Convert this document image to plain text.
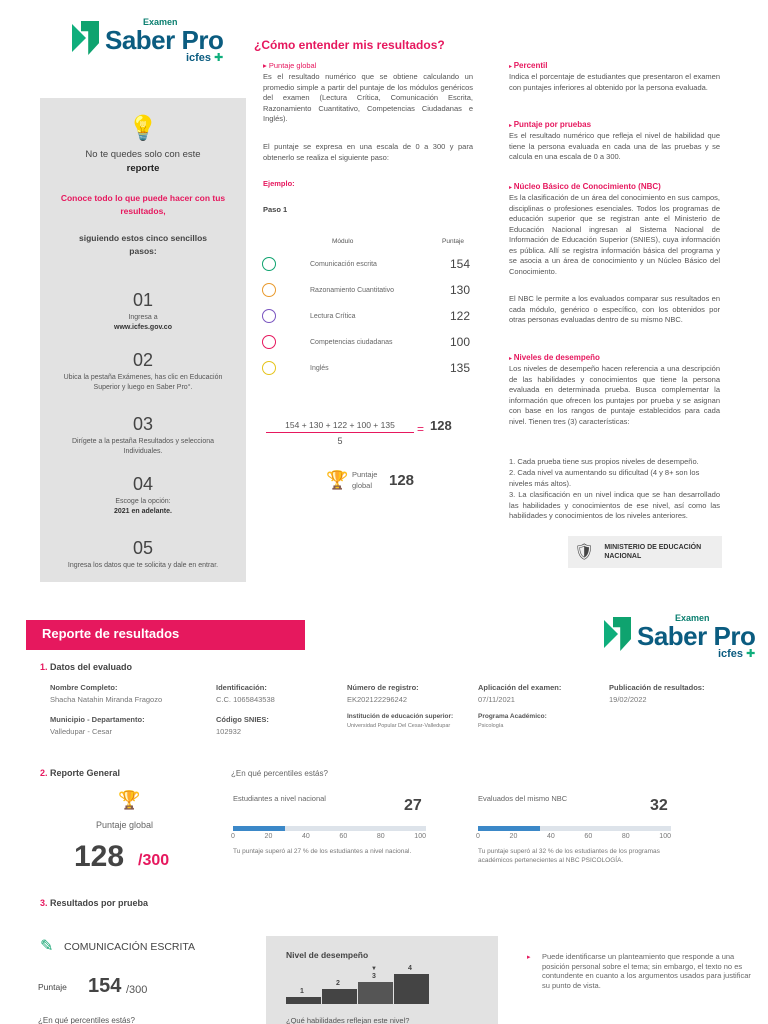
Examen
Saber Pro
icfes ✚
💡
No te quedes solo con este
reporte
Conoce todo lo que puede hacer con tus resultados,
siguiendo estos cinco sencillos pasos:
01
Ingresa a
www.icfes.gov.co
02
Ubica la pestaña Exámenes, has clic en Educación Superior y luego en Saber Pro°.
03
Dirígete a la pestaña Resultados y selecciona Individuales.
04
Escoge la opción:
2021 en adelante.
05
Ingresa los datos que te solicita y dale en entrar.
¿Cómo entender mis resultados?
▸ Puntaje global
Es el resultado numérico que se obtiene calculando un promedio simple a partir del puntaje de los módulos genéricos del examen (Lectura Crítica, Comunicación Escrita, Razonamiento Cuantitativo, Competencias Ciudadanas e Inglés).
El puntaje se expresa en una escala de 0 a 300 y para obtenerlo se realiza el siguiente paso:
Ejemplo:
Paso 1
Módulo	Puntaje
Comunicación escrita	154
Razonamiento Cuantitativo	130
Lectura Crítica	122
Competencias ciudadanas	100
Inglés	135
154 + 130 + 122 + 100 + 135
5
= 128
🏆 Puntaje global	128
▸ Percentil
Indica el porcentaje de estudiantes que presentaron el examen con puntajes inferiores al obtenido por la persona evaluada.
▸ Puntaje por pruebas
Es el resultado numérico que refleja el nivel de habilidad que tiene la persona evaluada en cada una de las pruebas y se calcula en una escala de 0 a 300.
▸ Núcleo Básico de Conocimiento (NBC)
Es la clasificación de un área del conocimiento en sus campos, disciplinas o profesiones esenciales. Todos los programas de educación superior que se registran ante el Ministerio de Educación Nacional ingresan al Sistema Nacional de Información de Educación Superior (SNIES), cuya información es pública. Allí se registra información básica del programa y se asocia a un área de conocimiento y un Núcleo Básico del Conocimiento.
El NBC le permite a los evaluados comparar sus resultados en cada módulo, genérico o específico, con los obtenidos por otras personas evaluadas dentro de su mismo NBC.
▸ Niveles de desempeño
Los niveles de desempeño hacen referencia a una descripción de las habilidades y conocimientos que tiene la persona evaluada en determinada prueba. Busca complementar la información que ofrecen los puntajes por prueba y se asignan con base en los rangos de puntaje establecidos para cada nivel. Tienen tres (3) características:
1. Cada prueba tiene sus propios niveles de desempeño.
2. Cada nivel va aumentando su dificultad (4 y 8+ son los niveles más altos).
3. La clasificación en un nivel indica que se han desarrollado las habilidades y conocimientos de ese nivel, así como las habilidades y conocimientos de los niveles anteriores.
🛡 MINISTERIO DE EDUCACIÓN NACIONAL
Reporte de resultados
Examen
Saber Pro
icfes ✚
1. Datos del evaluado
Nombre Completo:
Shacha Natahin Miranda Fragozo
Identificación:
C.C. 1065843538
Número de registro:
EK202122296242
Aplicación del examen:
07/11/2021
Publicación de resultados:
19/02/2022
Municipio - Departamento:
Valledupar - Cesar
Código SNIES:
102932
Institución de educación superior:
Universidad Popular Del Cesar-Valledupar
Programa Académico:
Psicología
2. Reporte General
🏆
Puntaje global
128 /300
¿En qué percentiles estás?
Estudiantes a nivel nacional	27
0	20	40	60	80	100
Tu puntaje superó al 27 % de los estudiantes a nivel nacional.
Evaluados del mismo NBC	32
0	20	40	60	80	100
Tu puntaje superó al 32 % de los estudiantes de los programas académicos pertenecientes al NBC PSICOLOGÍA.
3. Resultados por prueba
✎ COMUNICACIÓN ESCRITA
Puntaje 154 /300
¿En qué percentiles estás?
Nivel de desempeño
1
2
3
4
▼
¿Qué habilidades reflejan este nivel?
▸ Puede identificarse un planteamiento que responde a una posición personal sobre el tema; sin embargo, el texto no es contundente en cuanto a los argumentos usados para justificar su punto de vista.
